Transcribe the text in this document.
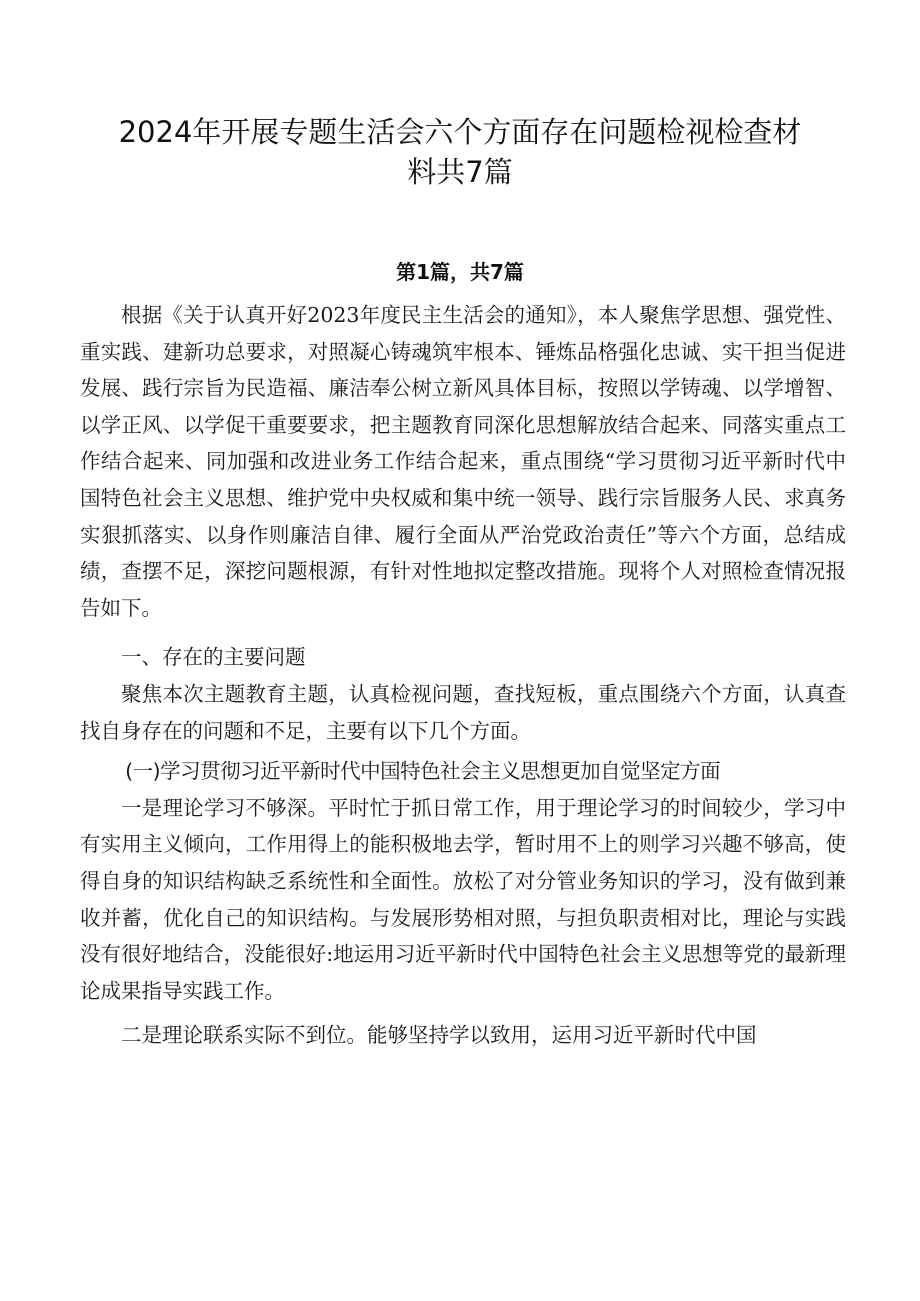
2024年开展专题生活会六个方面存在问题检视检查材
料共7篇
第1篇，共7篇

根据《关于认真开好2023年度民主生活会的通知》，本人聚焦学思想、强党性、重实践、建新功总要求，对照凝心铸魂筑牢根本、锤炼品格强化忠诚、实干担当促进发展、践行宗旨为民造福、廉洁奉公树立新风具体目标，按照以学铸魂、以学增智、以学正风、以学促干重要要求，把主题教育同深化思想解放结合起来、同落实重点工作结合起来、同加强和改进业务工作结合起来，重点围绕“学习贯彻习近平新时代中国特色社会主义思想、维护党中央权威和集中统一领导、践行宗旨服务人民、求真务实狠抓落实、以身作则廉洁自律、履行全面从严治党政治责任”等六个方面，总结成绩，查摆不足，深挖问题根源，有针对性地拟定整改措施。现将个人对照检查情况报告如下。

一、存在的主要问题

聚焦本次主题教育主题，认真检视问题，查找短板，重点围绕六个方面，认真查找自身存在的问题和不足，主要有以下几个方面。

(一)学习贯彻习近平新时代中国特色社会主义思想更加自觉坚定方面

一是理论学习不够深。平时忙于抓日常工作，用于理论学习的时间较少，学习中有实用主义倾向，工作用得上的能积极地去学，暂时用不上的则学习兴趣不够高，使得自身的知识结构缺乏系统性和全面性。放松了对分管业务知识的学习，没有做到兼收并蓄，优化自己的知识结构。与发展形势相对照，与担负职责相对比，理论与实践没有很好地结合，没能很好:地运用习近平新时代中国特色社会主义思想等党的最新理论成果指导实践工作。

二是理论联系实际不到位。能够坚持学以致用，运用习近平新时代中国
